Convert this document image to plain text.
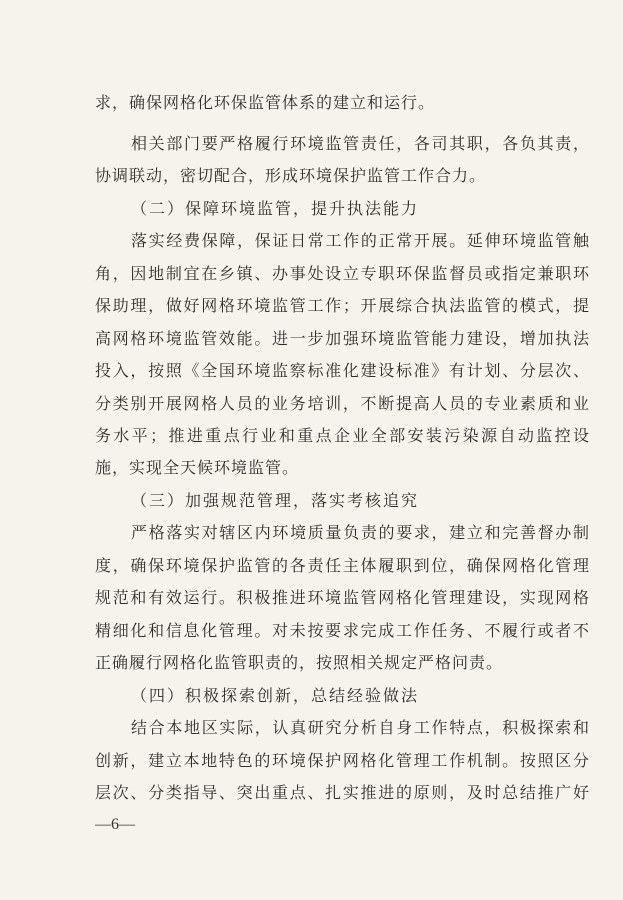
求，确保网格化环保监管体系的建立和运行。
相关部门要严格履行环境监管责任，各司其职，各负其责，
协调联动，密切配合，形成环境保护监管工作合力。
（二）保障环境监管，提升执法能力
落实经费保障，保证日常工作的正常开展。延伸环境监管触
角，因地制宜在乡镇、办事处设立专职环保监督员或指定兼职环
保助理，做好网格环境监管工作；开展综合执法监管的模式，提
高网格环境监管效能。进一步加强环境监管能力建设，增加执法
投入，按照《全国环境监察标准化建设标准》有计划、分层次、
分类别开展网格人员的业务培训，不断提高人员的专业素质和业
务水平；推进重点行业和重点企业全部安装污染源自动监控设
施，实现全天候环境监管。
（三）加强规范管理，落实考核追究
严格落实对辖区内环境质量负责的要求，建立和完善督办制
度，确保环境保护监管的各责任主体履职到位，确保网格化管理
规范和有效运行。积极推进环境监管网格化管理建设，实现网格
精细化和信息化管理。对未按要求完成工作任务、不履行或者不
正确履行网格化监管职责的，按照相关规定严格问责。
（四）积极探索创新，总结经验做法
结合本地区实际，认真研究分析自身工作特点，积极探索和
创新，建立本地特色的环境保护网格化管理工作机制。按照区分
层次、分类指导、突出重点、扎实推进的原则，及时总结推广好
—6—
